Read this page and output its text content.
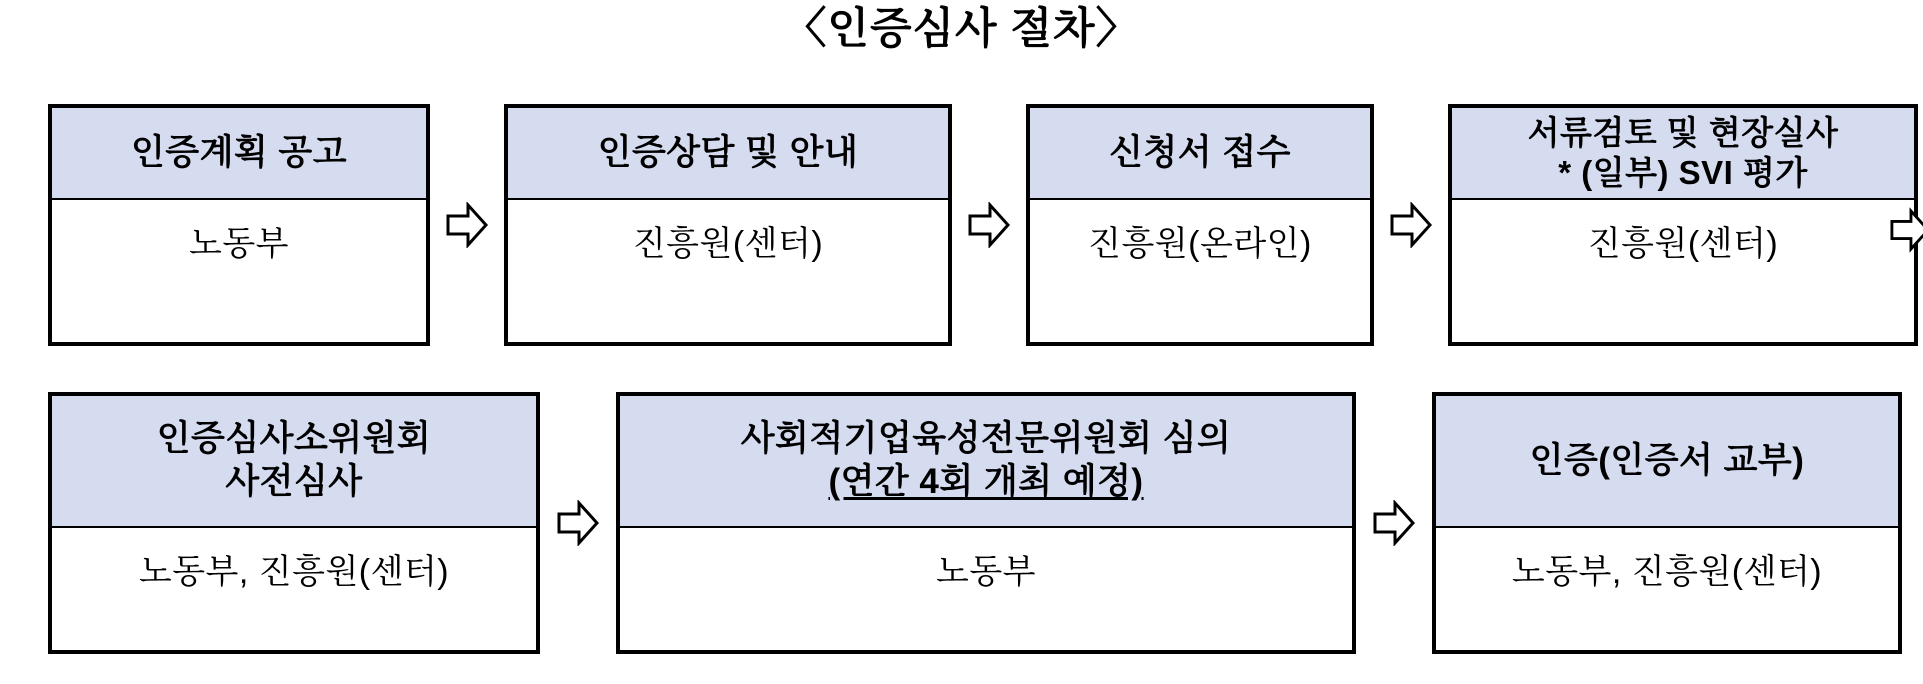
〈인증심사 절차〉
인증계획 공고
노동부
인증상담 및 안내
진흥원(센터)
신청서 접수
진흥원(온라인)
서류검토 및 현장실사
* (일부) SVI 평가
진흥원(센터)
인증심사소위원회
사전심사
노동부, 진흥원(센터)
사회적기업육성전문위원회 심의
(연간 4회 개최 예정)
노동부
인증(인증서 교부)
노동부, 진흥원(센터)
